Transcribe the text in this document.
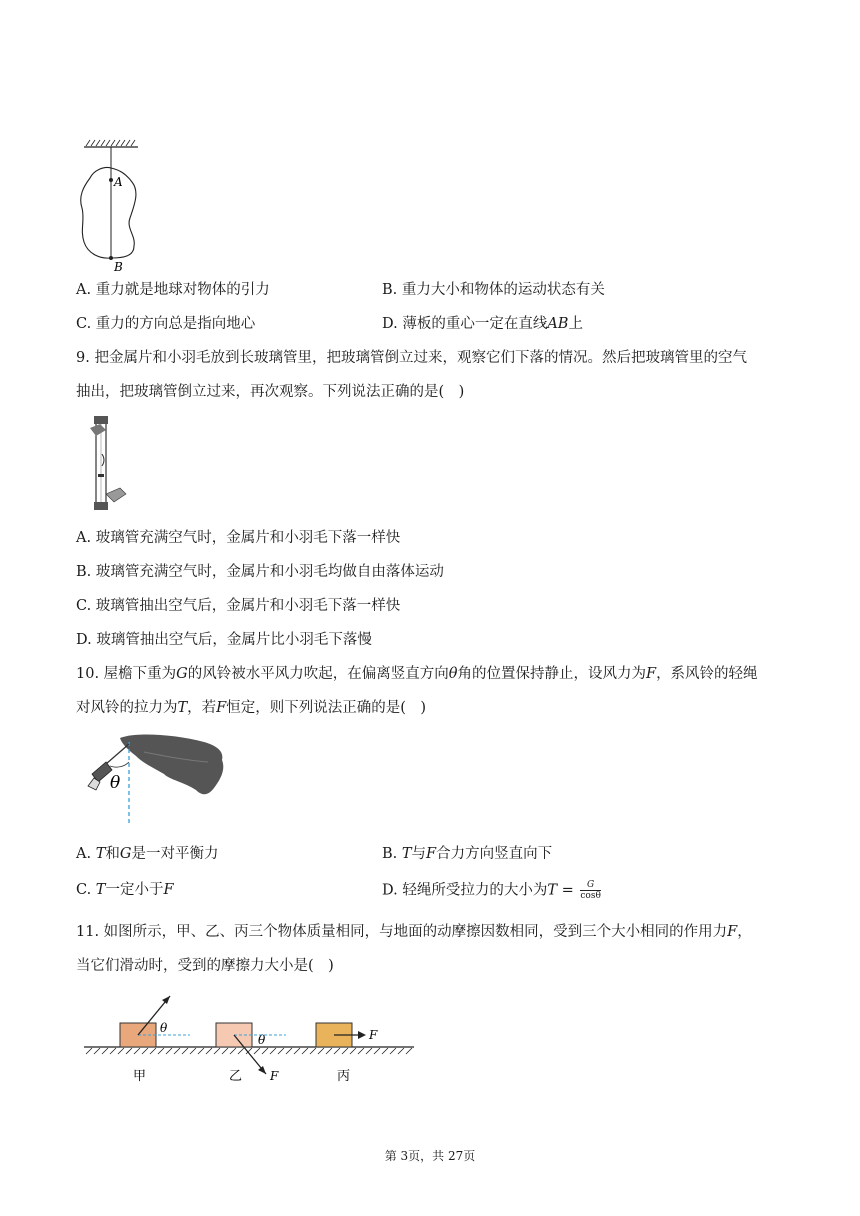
A
B
A. 重力就是地球对物体的引力	B. 重力大小和物体的运动状态有关
C. 重力的方向总是指向地心	D. 薄板的重心一定在直线AB上
9. 把金属片和小羽毛放到长玻璃管里，把玻璃管倒立过来，观察它们下落的情况。然后把玻璃管里的空气
抽出，把玻璃管倒立过来，再次观察。下列说法正确的是(　)
A. 玻璃管充满空气时，金属片和小羽毛下落一样快
B. 玻璃管充满空气时，金属片和小羽毛均做自由落体运动
C. 玻璃管抽出空气后，金属片和小羽毛下落一样快
D. 玻璃管抽出空气后，金属片比小羽毛下落慢
10. 屋檐下重为G的风铃被水平风力吹起，在偏离竖直方向θ角的位置保持静止，设风力为F，系风铃的轻绳
对风铃的拉力为T，若F恒定，则下列说法正确的是(　)
θ
A. T和G是一对平衡力	B. T与F合力方向竖直向下
C. T一定小于F	D. 轻绳所受拉力的大小为$T = \frac{G}{\cos\theta}$
11. 如图所示，甲、乙、丙三个物体质量相同，与地面的动摩擦因数相同，受到三个大小相同的作用力F，
当它们滑动时，受到的摩擦力大小是(　)
θ
甲
θ
F
乙
F
丙
第 3页，共 27页
